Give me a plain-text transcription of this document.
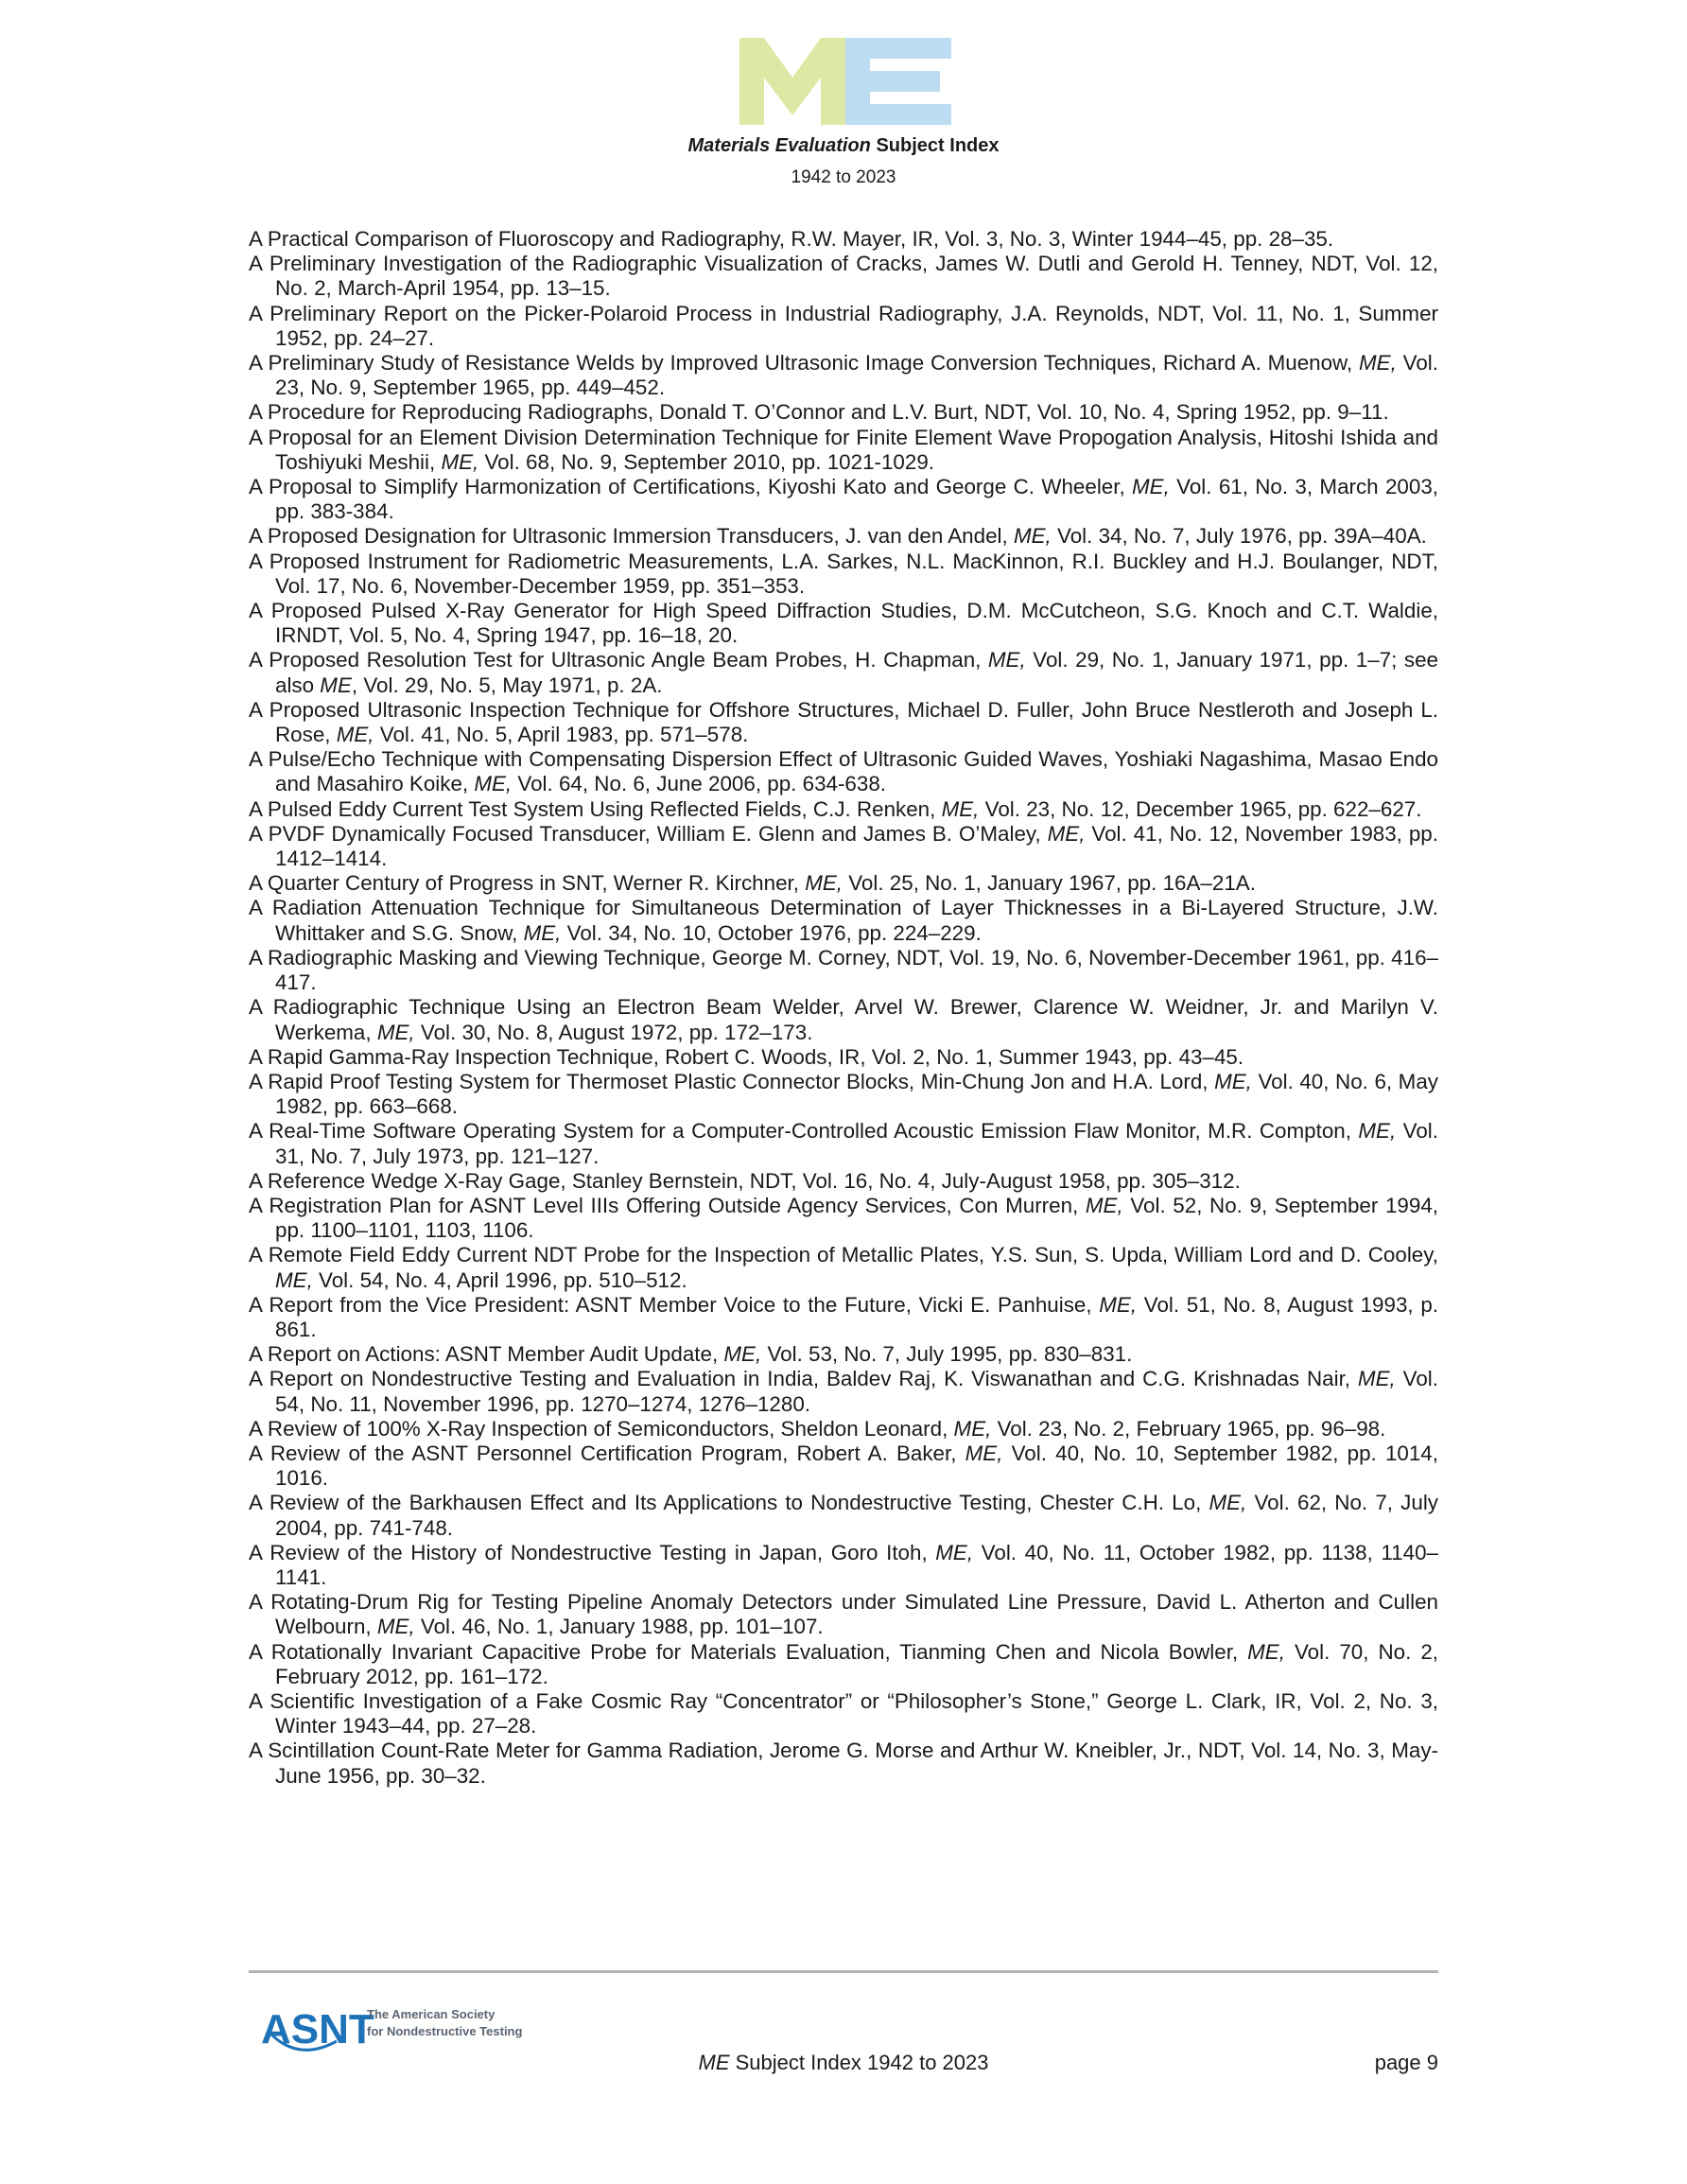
Materials Evaluation Subject Index
1942 to 2023

A Practical Comparison of Fluoroscopy and Radiography, R.W. Mayer, IR, Vol. 3, No. 3, Winter 1944–45, pp. 28–35.

A Preliminary Investigation of the Radiographic Visualization of Cracks, James W. Dutli and Gerold H. Tenney, NDT, Vol. 12, No. 2, March-April 1954, pp. 13–15.

A Preliminary Report on the Picker-Polaroid Process in Industrial Radiography, J.A. Reynolds, NDT, Vol. 11, No. 1, Summer 1952, pp. 24–27.

A Preliminary Study of Resistance Welds by Improved Ultrasonic Image Conversion Techniques, Richard A. Muenow, ME, Vol. 23, No. 9, September 1965, pp. 449–452.

A Procedure for Reproducing Radiographs, Donald T. O’Connor and L.V. Burt, NDT, Vol. 10, No. 4, Spring 1952, pp. 9–11.

A Proposal for an Element Division Determination Technique for Finite Element Wave Propogation Analysis, Hitoshi Ishida and Toshiyuki Meshii, ME, Vol. 68, No. 9, September 2010, pp. 1021-1029.

A Proposal to Simplify Harmonization of Certifications, Kiyoshi Kato and George C. Wheeler, ME, Vol. 61, No. 3, March 2003, pp. 383-384.

A Proposed Designation for Ultrasonic Immersion Transducers, J. van den Andel, ME, Vol. 34, No. 7, July 1976, pp. 39A–40A.

A Proposed Instrument for Radiometric Measurements, L.A. Sarkes, N.L. MacKinnon, R.I. Buckley and H.J. Boulanger, NDT, Vol. 17, No. 6, November-December 1959, pp. 351–353.

A Proposed Pulsed X-Ray Generator for High Speed Diffraction Studies, D.M. McCutcheon, S.G. Knoch and C.T. Waldie, IRNDT, Vol. 5, No. 4, Spring 1947, pp. 16–18, 20.

A Proposed Resolution Test for Ultrasonic Angle Beam Probes, H. Chapman, ME, Vol. 29, No. 1, January 1971, pp. 1–7; see also ME, Vol. 29, No. 5, May 1971, p. 2A.

A Proposed Ultrasonic Inspection Technique for Offshore Structures, Michael D. Fuller, John Bruce Nestleroth and Joseph L. Rose, ME, Vol. 41, No. 5, April 1983, pp. 571–578.

A Pulse/Echo Technique with Compensating Dispersion Effect of Ultrasonic Guided Waves, Yoshiaki Nagashima, Masao Endo and Masahiro Koike, ME, Vol. 64, No. 6, June 2006, pp. 634-638.

A Pulsed Eddy Current Test System Using Reflected Fields, C.J. Renken, ME, Vol. 23, No. 12, December 1965, pp. 622–627.

A PVDF Dynamically Focused Transducer, William E. Glenn and James B. O’Maley, ME, Vol. 41, No. 12, November 1983, pp. 1412–1414.

A Quarter Century of Progress in SNT, Werner R. Kirchner, ME, Vol. 25, No. 1, January 1967, pp. 16A–21A.

A Radiation Attenuation Technique for Simultaneous Determination of Layer Thicknesses in a Bi-Layered Structure, J.W. Whittaker and S.G. Snow, ME, Vol. 34, No. 10, October 1976, pp. 224–229.

A Radiographic Masking and Viewing Technique, George M. Corney, NDT, Vol. 19, No. 6, November-December 1961, pp. 416–417.

A Radiographic Technique Using an Electron Beam Welder, Arvel W. Brewer, Clarence W. Weidner, Jr. and Marilyn V. Werkema, ME, Vol. 30, No. 8, August 1972, pp. 172–173.

A Rapid Gamma-Ray Inspection Technique, Robert C. Woods, IR, Vol. 2, No. 1, Summer 1943, pp. 43–45.

A Rapid Proof Testing System for Thermoset Plastic Connector Blocks, Min-Chung Jon and H.A. Lord, ME, Vol. 40, No. 6, May 1982, pp. 663–668.

A Real-Time Software Operating System for a Computer-Controlled Acoustic Emission Flaw Monitor, M.R. Compton, ME, Vol. 31, No. 7, July 1973, pp. 121–127.

A Reference Wedge X-Ray Gage, Stanley Bernstein, NDT, Vol. 16, No. 4, July-August 1958, pp. 305–312.

A Registration Plan for ASNT Level IIIs Offering Outside Agency Services, Con Murren, ME, Vol. 52, No. 9, September 1994, pp. 1100–1101, 1103, 1106.

A Remote Field Eddy Current NDT Probe for the Inspection of Metallic Plates, Y.S. Sun, S. Upda, William Lord and D. Cooley, ME, Vol. 54, No. 4, April 1996, pp. 510–512.

A Report from the Vice President: ASNT Member Voice to the Future, Vicki E. Panhuise, ME, Vol. 51, No. 8, August 1993, p. 861.

A Report on Actions: ASNT Member Audit Update, ME, Vol. 53, No. 7, July 1995, pp. 830–831.

A Report on Nondestructive Testing and Evaluation in India, Baldev Raj, K. Viswanathan and C.G. Krishnadas Nair, ME, Vol. 54, No. 11, November 1996, pp. 1270–1274, 1276–1280.

A Review of 100% X-Ray Inspection of Semiconductors, Sheldon Leonard, ME, Vol. 23, No. 2, February 1965, pp. 96–98.

A Review of the ASNT Personnel Certification Program, Robert A. Baker, ME, Vol. 40, No. 10, September 1982, pp. 1014, 1016.

A Review of the Barkhausen Effect and Its Applications to Nondestructive Testing, Chester C.H. Lo, ME, Vol. 62, No. 7, July 2004, pp. 741-748.

A Review of the History of Nondestructive Testing in Japan, Goro Itoh, ME, Vol. 40, No. 11, October 1982, pp. 1138, 1140–1141.

A Rotating-Drum Rig for Testing Pipeline Anomaly Detectors under Simulated Line Pressure, David L. Atherton and Cullen Welbourn, ME, Vol. 46, No. 1, January 1988, pp. 101–107.

A Rotationally Invariant Capacitive Probe for Materials Evaluation, Tianming Chen and Nicola Bowler, ME, Vol. 70, No. 2, February 2012, pp. 161–172.

A Scientific Investigation of a Fake Cosmic Ray “Concentrator” or “Philosopher’s Stone,” George L. Clark, IR, Vol. 2, No. 3, Winter 1943–44, pp. 27–28.

A Scintillation Count-Rate Meter for Gamma Radiation, Jerome G. Morse and Arthur W. Kneibler, Jr., NDT, Vol. 14, No. 3, May-June 1956, pp. 30–32.

ASNT
The American Society
for Nondestructive Testing
ME Subject Index 1942 to 2023	page 9
